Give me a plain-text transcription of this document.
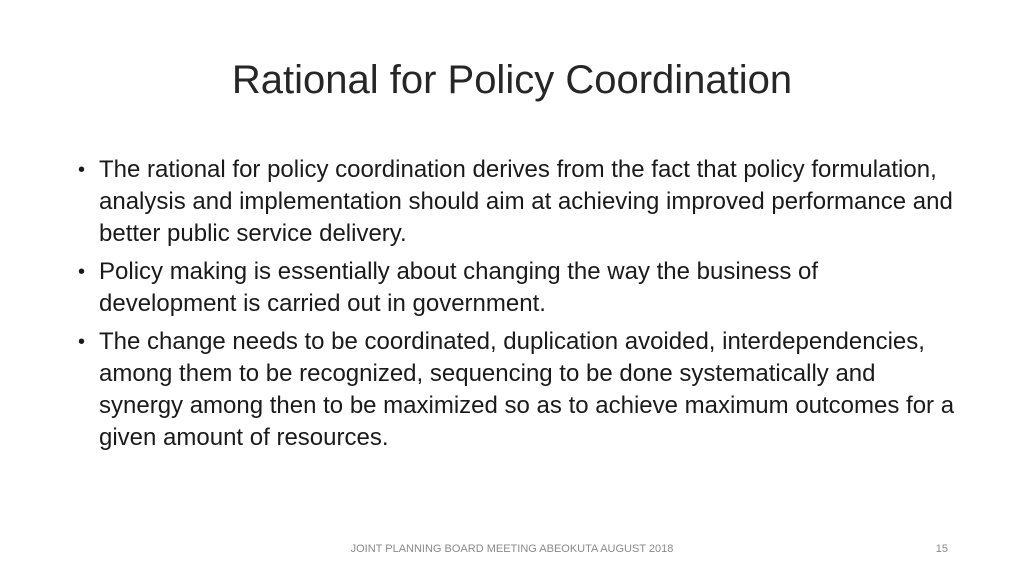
Rational for Policy Coordination
• The rational for policy coordination derives from the fact that policy formulation, analysis and implementation should aim at achieving improved performance and better public service delivery.
• Policy making is essentially about changing the way the business of development is carried out in government.
• The change needs to be coordinated, duplication avoided, interdependencies, among them to be recognized, sequencing to be done systematically and synergy among then to be maximized so as to achieve maximum outcomes for a given amount of resources.

JOINT PLANNING BOARD MEETING ABEOKUTA AUGUST 2018	15
